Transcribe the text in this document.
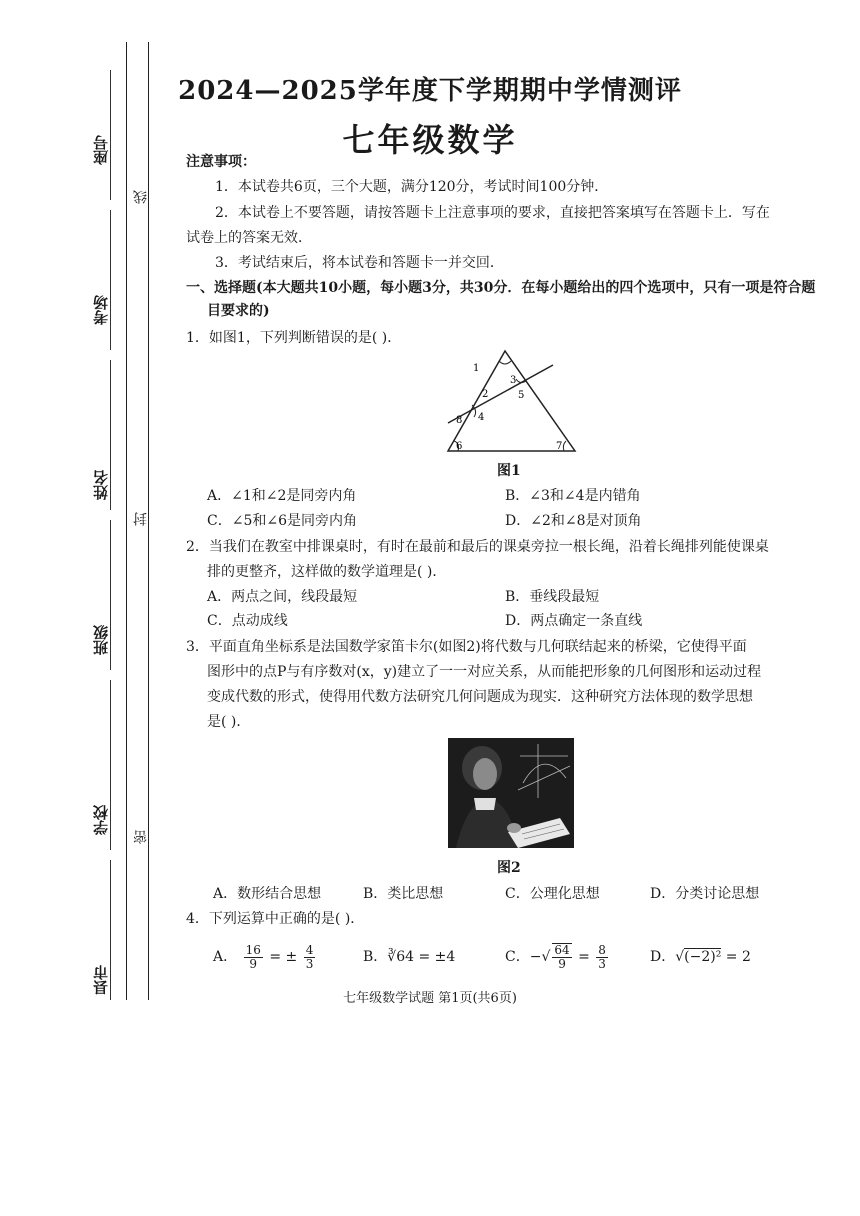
座号
考场
姓名
班级
学校
县市
线
封
密
2024—2025学年度下学期期中学情测评
七年级数学
注意事项：
1．本试卷共6页，三个大题，满分120分，考试时间100分钟．
2．本试卷上不要答题，请按答题卡上注意事项的要求，直接把答案填写在答题卡上．写在
试卷上的答案无效．
3．考试结束后，将本试卷和答题卡一并交回．
一、选择题(本大题共10小题，每小题3分，共30分．在每小题给出的四个选项中，只有一项是符合题
目要求的)
1．如图1，下列判断错误的是( )．
1
2
3
4
5
6	7
8
图1
A．∠1和∠2是同旁内角	B．∠3和∠4是内错角
C．∠5和∠6是同旁内角	D．∠2和∠8是对顶角
2．当我们在教室中排课桌时，有时在最前和最后的课桌旁拉一根长绳，沿着长绳排列能使课桌
排的更整齐，这样做的数学道理是( )．
A．两点之间，线段最短	B．垂线段最短
C．点动成线	D．两点确定一条直线
3．平面直角坐标系是法国数学家笛卡尔(如图2)将代数与几何联结起来的桥梁，它使得平面
图形中的点P与有序数对(x，y)建立了一一对应关系，从而能把形象的几何图形和运动过程
变成代数的形式，使得用代数方法研究几何问题成为现实．这种研究方法体现的数学思想
是( )．
图2
A．数形结合思想	B．类比思想	C．公理化思想	D．分类讨论思想
4．下列运算中正确的是( )．
A． $\frac{16}{9}$ = ± $\frac{4}{3}$	B．∛64 = ±4	C．−√ $\frac{64}{9} = \frac{8}{3}$	D．√(−2)² = 2
七年级数学试题 第1页(共6页)
